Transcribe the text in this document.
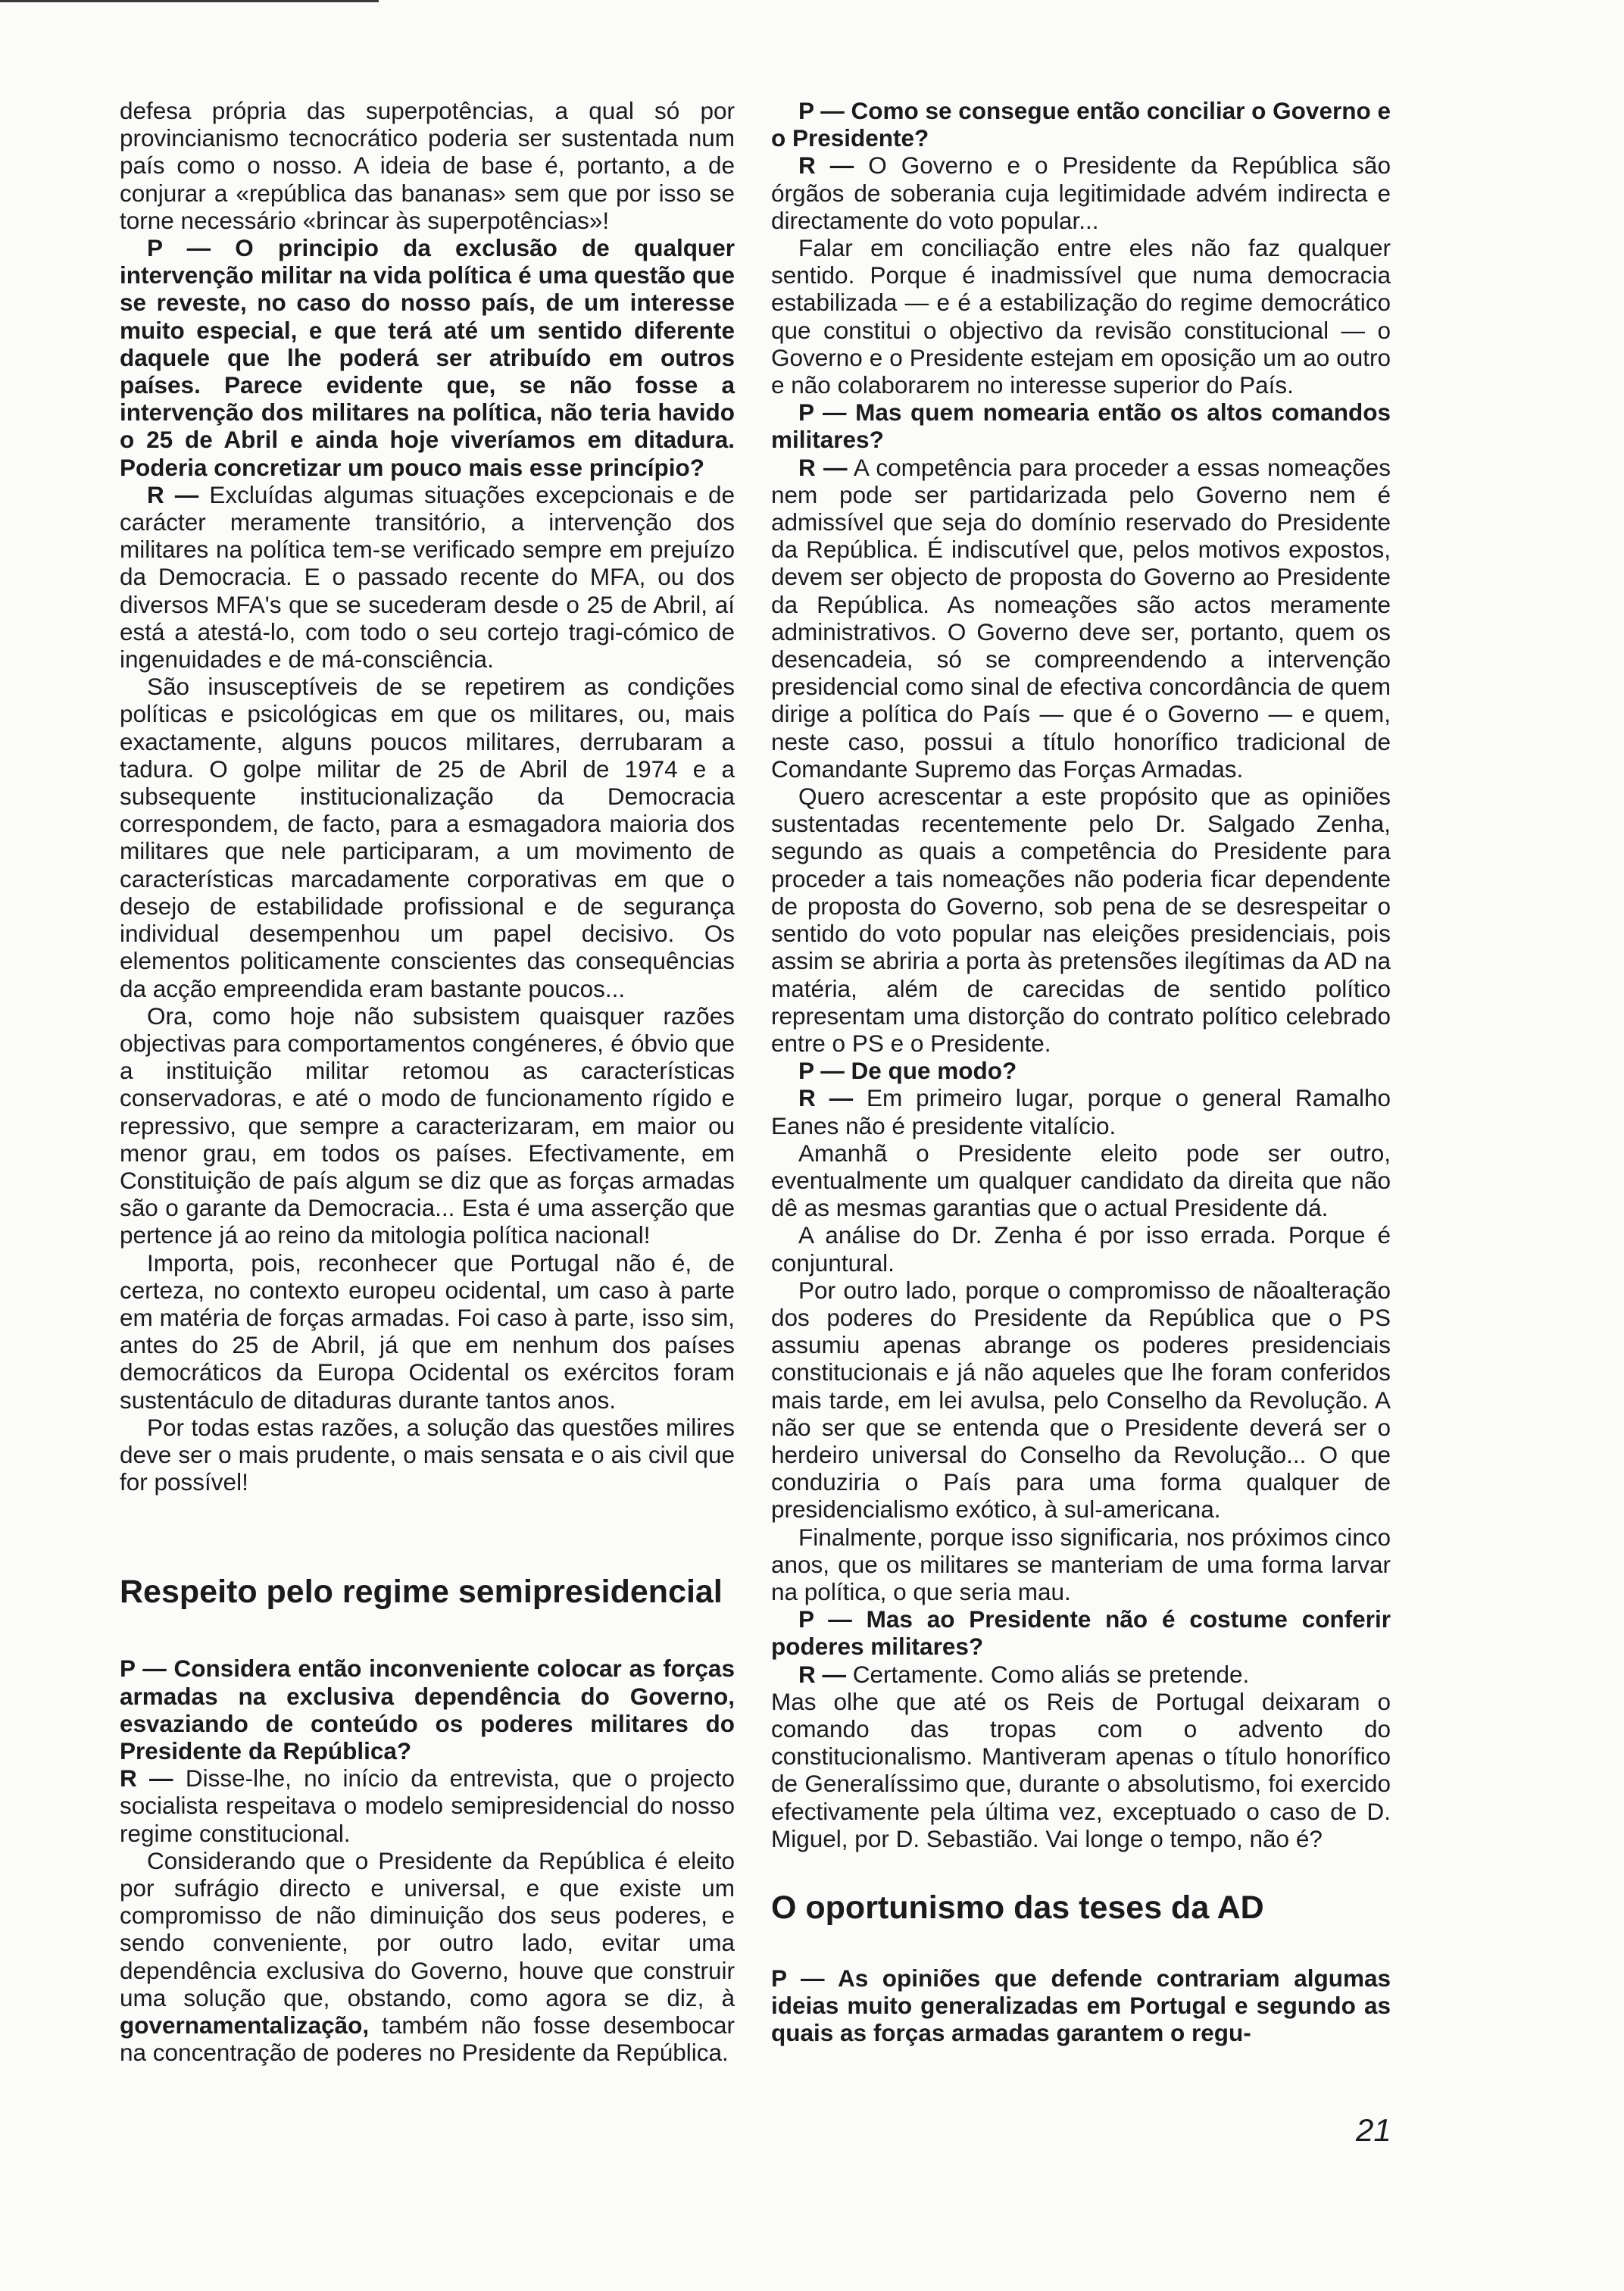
defesa própria das superpotências, a qual só por provincianismo tecnocrático poderia ser sustentada num país como o nosso. A ideia de base é, portanto, a de conjurar a «república das bananas» sem que por isso se torne necessário «brincar às superpotências»!

P — O principio da exclusão de qualquer intervenção militar na vida política é uma questão que se reveste, no caso do nosso país, de um interesse muito especial, e que terá até um sentido diferente daquele que lhe poderá ser atribuído em outros países. Parece evidente que, se não fosse a intervenção dos militares na política, não teria havido o 25 de Abril e ainda hoje viveríamos em ditadura. Poderia concretizar um pouco mais esse princípio?

R — Excluídas algumas situações excepcionais e de carácter meramente transitório, a intervenção dos militares na política tem-se verificado sempre em prejuízo da Democracia. E o passado recente do MFA, ou dos diversos MFA's que se sucederam desde o 25 de Abril, aí está a atestá-lo, com todo o seu cortejo tragi-cómico de ingenuidades e de má-consciência.

São insusceptíveis de se repetirem as condições políticas e psicológicas em que os militares, ou, mais exactamente, alguns poucos militares, derrubaram a tadura. O golpe militar de 25 de Abril de 1974 e a subsequente institucionalização da Democracia correspondem, de facto, para a esmagadora maioria dos militares que nele participaram, a um movimento de características marcadamente corporativas em que o desejo de estabilidade profissional e de segurança individual desempenhou um papel decisivo. Os elementos politicamente conscientes das consequências da acção empreendida eram bastante poucos...

Ora, como hoje não subsistem quaisquer razões objectivas para comportamentos congéneres, é óbvio que a instituição militar retomou as características conservadoras, e até o modo de funcionamento rígido e repressivo, que sempre a caracterizaram, em maior ou menor grau, em todos os países. Efectivamente, em Constituição de país algum se diz que as forças armadas são o garante da Democracia... Esta é uma asserção que pertence já ao reino da mitologia política nacional!

Importa, pois, reconhecer que Portugal não é, de certeza, no contexto europeu ocidental, um caso à parte em matéria de forças armadas. Foi caso à parte, isso sim, antes do 25 de Abril, já que em nenhum dos países democráticos da Europa Ocidental os exércitos foram sustentáculo de ditaduras durante tantos anos.

Por todas estas razões, a solução das questões milires deve ser o mais prudente, o mais sensata e o ais civil que for possível!

Respeito pelo regime semipresidencial

P — Considera então inconveniente colocar as forças armadas na exclusiva dependência do Governo, esvaziando de conteúdo os poderes militares do Presidente da República?

R — Disse-lhe, no início da entrevista, que o projecto socialista respeitava o modelo semipresidencial do nosso regime constitucional.

Considerando que o Presidente da República é eleito por sufrágio directo e universal, e que existe um compromisso de não diminuição dos seus poderes, e sendo conveniente, por outro lado, evitar uma dependência exclusiva do Governo, houve que construir uma solução que, obstando, como agora se diz, à governamentalização, também não fosse desembocar na concentração de poderes no Presidente da República.

P — Como se consegue então conciliar o Governo e o Presidente?

R — O Governo e o Presidente da República são órgãos de soberania cuja legitimidade advém indirecta e directamente do voto popular...

Falar em conciliação entre eles não faz qualquer sentido. Porque é inadmissível que numa democracia estabilizada — e é a estabilização do regime democrático que constitui o objectivo da revisão constitucional — o Governo e o Presidente estejam em oposição um ao outro e não colaborarem no interesse superior do País.

P — Mas quem nomearia então os altos comandos militares?

R — A competência para proceder a essas nomeações nem pode ser partidarizada pelo Governo nem é admissível que seja do domínio reservado do Presidente da República. É indiscutível que, pelos motivos expostos, devem ser objecto de proposta do Governo ao Presidente da República. As nomeações são actos meramente administrativos. O Governo deve ser, portanto, quem os desencadeia, só se compreendendo a intervenção presidencial como sinal de efectiva concordância de quem dirige a política do País — que é o Governo — e quem, neste caso, possui a título honorífico tradicional de Comandante Supremo das Forças Armadas.

Quero acrescentar a este propósito que as opiniões sustentadas recentemente pelo Dr. Salgado Zenha, segundo as quais a competência do Presidente para proceder a tais nomeações não poderia ficar dependente de proposta do Governo, sob pena de se desrespeitar o sentido do voto popular nas eleições presidenciais, pois assim se abriria a porta às pretensões ilegítimas da AD na matéria, além de carecidas de sentido político representam uma distorção do contrato político celebrado entre o PS e o Presidente.

P — De que modo?

R — Em primeiro lugar, porque o general Ramalho Eanes não é presidente vitalício.

Amanhã o Presidente eleito pode ser outro, eventualmente um qualquer candidato da direita que não dê as mesmas garantias que o actual Presidente dá.

A análise do Dr. Zenha é por isso errada. Porque é conjuntural.

Por outro lado, porque o compromisso de nãoalteração dos poderes do Presidente da República que o PS assumiu apenas abrange os poderes presidenciais constitucionais e já não aqueles que lhe foram conferidos mais tarde, em lei avulsa, pelo Conselho da Revolução. A não ser que se entenda que o Presidente deverá ser o herdeiro universal do Conselho da Revolução... O que conduziria o País para uma forma qualquer de presidencialismo exótico, à sul-americana.

Finalmente, porque isso significaria, nos próximos cinco anos, que os militares se manteriam de uma forma larvar na política, o que seria mau.

P — Mas ao Presidente não é costume conferir poderes militares?

R — Certamente. Como aliás se pretende.

Mas olhe que até os Reis de Portugal deixaram o comando das tropas com o advento do constitucionalismo. Mantiveram apenas o título honorífico de Generalíssimo que, durante o absolutismo, foi exercido efectivamente pela última vez, exceptuado o caso de D. Miguel, por D. Sebastião. Vai longe o tempo, não é?

O oportunismo das teses da AD

P — As opiniões que defende contrariam algumas ideias muito generalizadas em Portugal e segundo as quais as forças armadas garantem o regu-

21
